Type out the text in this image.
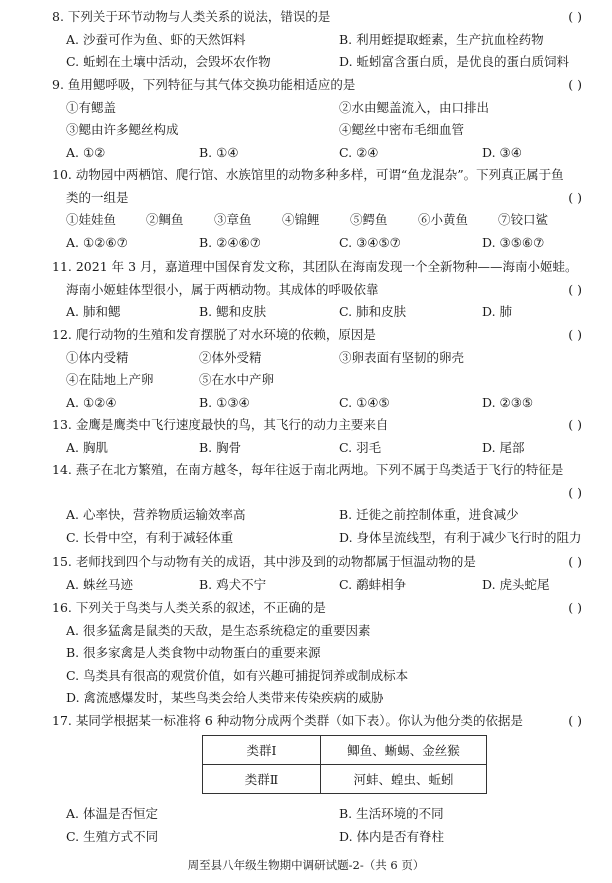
8. 下列关于环节动物与人类关系的说法，错误的是	( )
A. 沙蚕可作为鱼、虾的天然饵料	B. 利用蛭提取蛭素，生产抗血栓药物
C. 蚯蚓在土壤中活动，会毁坏农作物	D. 蚯蚓富含蛋白质，是优良的蛋白质饲料
9. 鱼用鳃呼吸，下列特征与其气体交换功能相适应的是	( )
①有鳃盖	②水由鳃盖流入，由口排出
③鳃由许多鳃丝构成	④鳃丝中密布毛细血管
A. ①②	B. ①④	C. ②④	D. ③④
10. 动物园中两栖馆、爬行馆、水族馆里的动物多种多样，可谓“鱼龙混杂”。下列真正属于鱼
类的一组是	( )
①娃娃鱼 ②鲷鱼 ③章鱼 ④锦鲤 ⑤鳄鱼 ⑥小黄鱼 ⑦铰口鲨
A. ①②⑥⑦	B. ②④⑥⑦	C. ③④⑤⑦	D. ③⑤⑥⑦
11. 2021 年 3 月，嘉道理中国保育发文称，其团队在海南发现一个全新物种——海南小姬蛙。
海南小姬蛙体型很小，属于两栖动物。其成体的呼吸依靠	( )
A. 肺和鳃	B. 鳃和皮肤	C. 肺和皮肤	D. 肺
12. 爬行动物的生殖和发育摆脱了对水环境的依赖，原因是	( )
①体内受精	②体外受精	③卵表面有坚韧的卵壳
④在陆地上产卵	⑤在水中产卵
A. ①②④	B. ①③④	C. ①④⑤	D. ②③⑤
13. 金鹰是鹰类中飞行速度最快的鸟，其飞行的动力主要来自	( )
A. 胸肌	B. 胸骨	C. 羽毛	D. 尾部
14. 燕子在北方繁殖，在南方越冬，每年往返于南北两地。下列不属于鸟类适于飞行的特征是
( )
A. 心率快，营养物质运输效率高	B. 迁徙之前控制体重，进食减少
C. 长骨中空，有利于减轻体重	D. 身体呈流线型，有利于减少飞行时的阻力
15. 老师找到四个与动物有关的成语，其中涉及到的动物都属于恒温动物的是	( )
A. 蛛丝马迹	B. 鸡犬不宁	C. 鹬蚌相争	D. 虎头蛇尾
16. 下列关于鸟类与人类关系的叙述，不正确的是	( )
A. 很多猛禽是鼠类的天敌，是生态系统稳定的重要因素
B. 很多家禽是人类食物中动物蛋白的重要来源
C. 鸟类具有很高的观赏价值，如有兴趣可捕捉饲养或制成标本
D. 禽流感爆发时，某些鸟类会给人类带来传染疾病的威胁
17. 某同学根据某一标准将 6 种动物分成两个类群（如下表）。你认为他分类的依据是	( )
类群Ⅰ	鲫鱼、蜥蜴、金丝猴
类群Ⅱ	河蚌、蝗虫、蚯蚓
A. 体温是否恒定	B. 生活环境的不同
C. 生殖方式不同	D. 体内是否有脊柱
周至县八年级生物期中调研试题-2-（共 6 页）
